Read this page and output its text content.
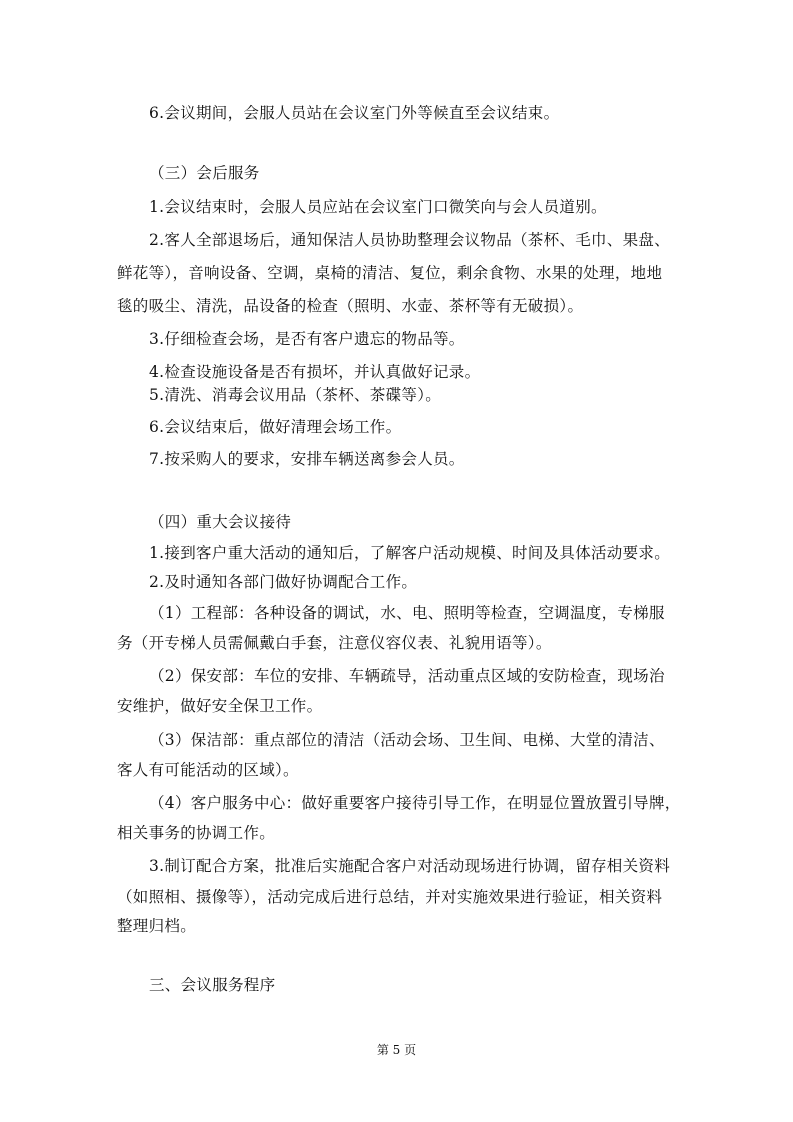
6.会议期间，会服人员站在会议室门外等候直至会议结束。
（三）会后服务
1.会议结束时，会服人员应站在会议室门口微笑向与会人员道别。
2.客人全部退场后，通知保洁人员协助整理会议物品（茶杯、毛巾、果盘、
鲜花等），音响设备、空调，桌椅的清洁、复位，剩余食物、水果的处理，地地
毯的吸尘、清洗，品设备的检查（照明、水壶、茶杯等有无破损）。
3.仔细检查会场，是否有客户遗忘的物品等。
4.检查设施设备是否有损坏，并认真做好记录。
5.清洗、消毒会议用品（茶杯、茶碟等）。
6.会议结束后，做好清理会场工作。
7.按采购人的要求，安排车辆送离参会人员。
（四）重大会议接待
1.接到客户重大活动的通知后，了解客户活动规模、时间及具体活动要求。
2.及时通知各部门做好协调配合工作。
（1）工程部：各种设备的调试，水、电、照明等检查，空调温度，专梯服
务（开专梯人员需佩戴白手套，注意仪容仪表、礼貌用语等）。
（2）保安部：车位的安排、车辆疏导，活动重点区域的安防检查，现场治
安维护，做好安全保卫工作。
（3）保洁部：重点部位的清洁（活动会场、卫生间、电梯、大堂的清洁、
客人有可能活动的区域）。
（4）客户服务中心：做好重要客户接待引导工作，在明显位置放置引导牌，
相关事务的协调工作。
3.制订配合方案，批准后实施配合客户对活动现场进行协调，留存相关资料
（如照相、摄像等），活动完成后进行总结，并对实施效果进行验证，相关资料
整理归档。
三、会议服务程序
第 5 页
